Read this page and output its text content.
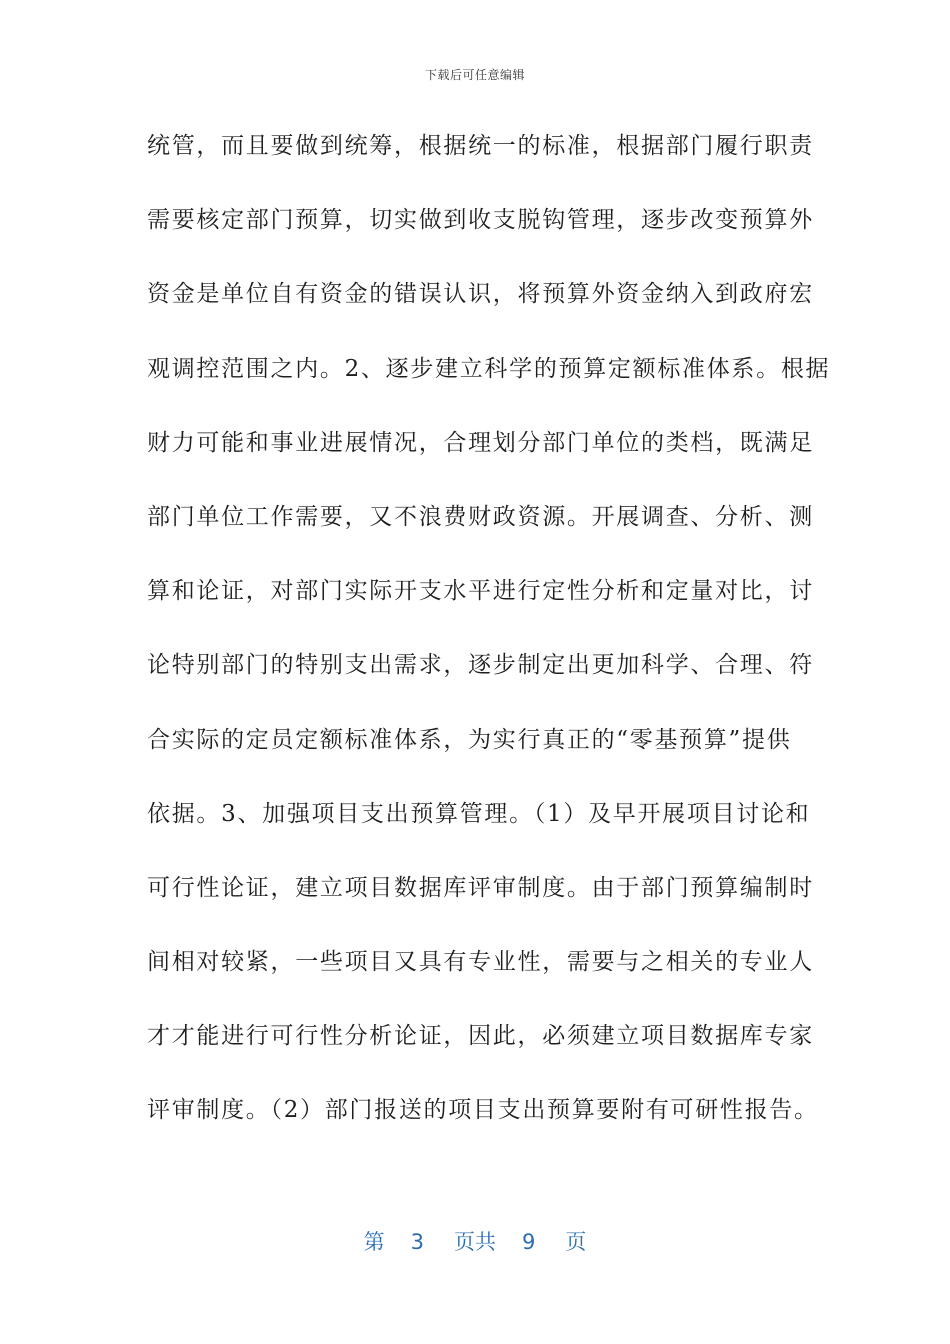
下载后可任意编辑
统管，而且要做到统筹，根据统一的标准，根据部门履行职责
需要核定部门预算，切实做到收支脱钩管理，逐步改变预算外
资金是单位自有资金的错误认识，将预算外资金纳入到政府宏
观调控范围之内。2、逐步建立科学的预算定额标准体系。根据
财力可能和事业进展情况，合理划分部门单位的类档，既满足
部门单位工作需要，又不浪费财政资源。开展调查、分析、测
算和论证，对部门实际开支水平进行定性分析和定量对比，讨
论特别部门的特别支出需求，逐步制定出更加科学、合理、符
合实际的定员定额标准体系，为实行真正的“零基预算”提供
依据。3、加强项目支出预算管理。（1）及早开展项目讨论和
可行性论证，建立项目数据库评审制度。由于部门预算编制时
间相对较紧，一些项目又具有专业性，需要与之相关的专业人
才才能进行可行性分析论证，因此，必须建立项目数据库专家
评审制度。（2）部门报送的项目支出预算要附有可研性报告。
第 3 页共 9 页
